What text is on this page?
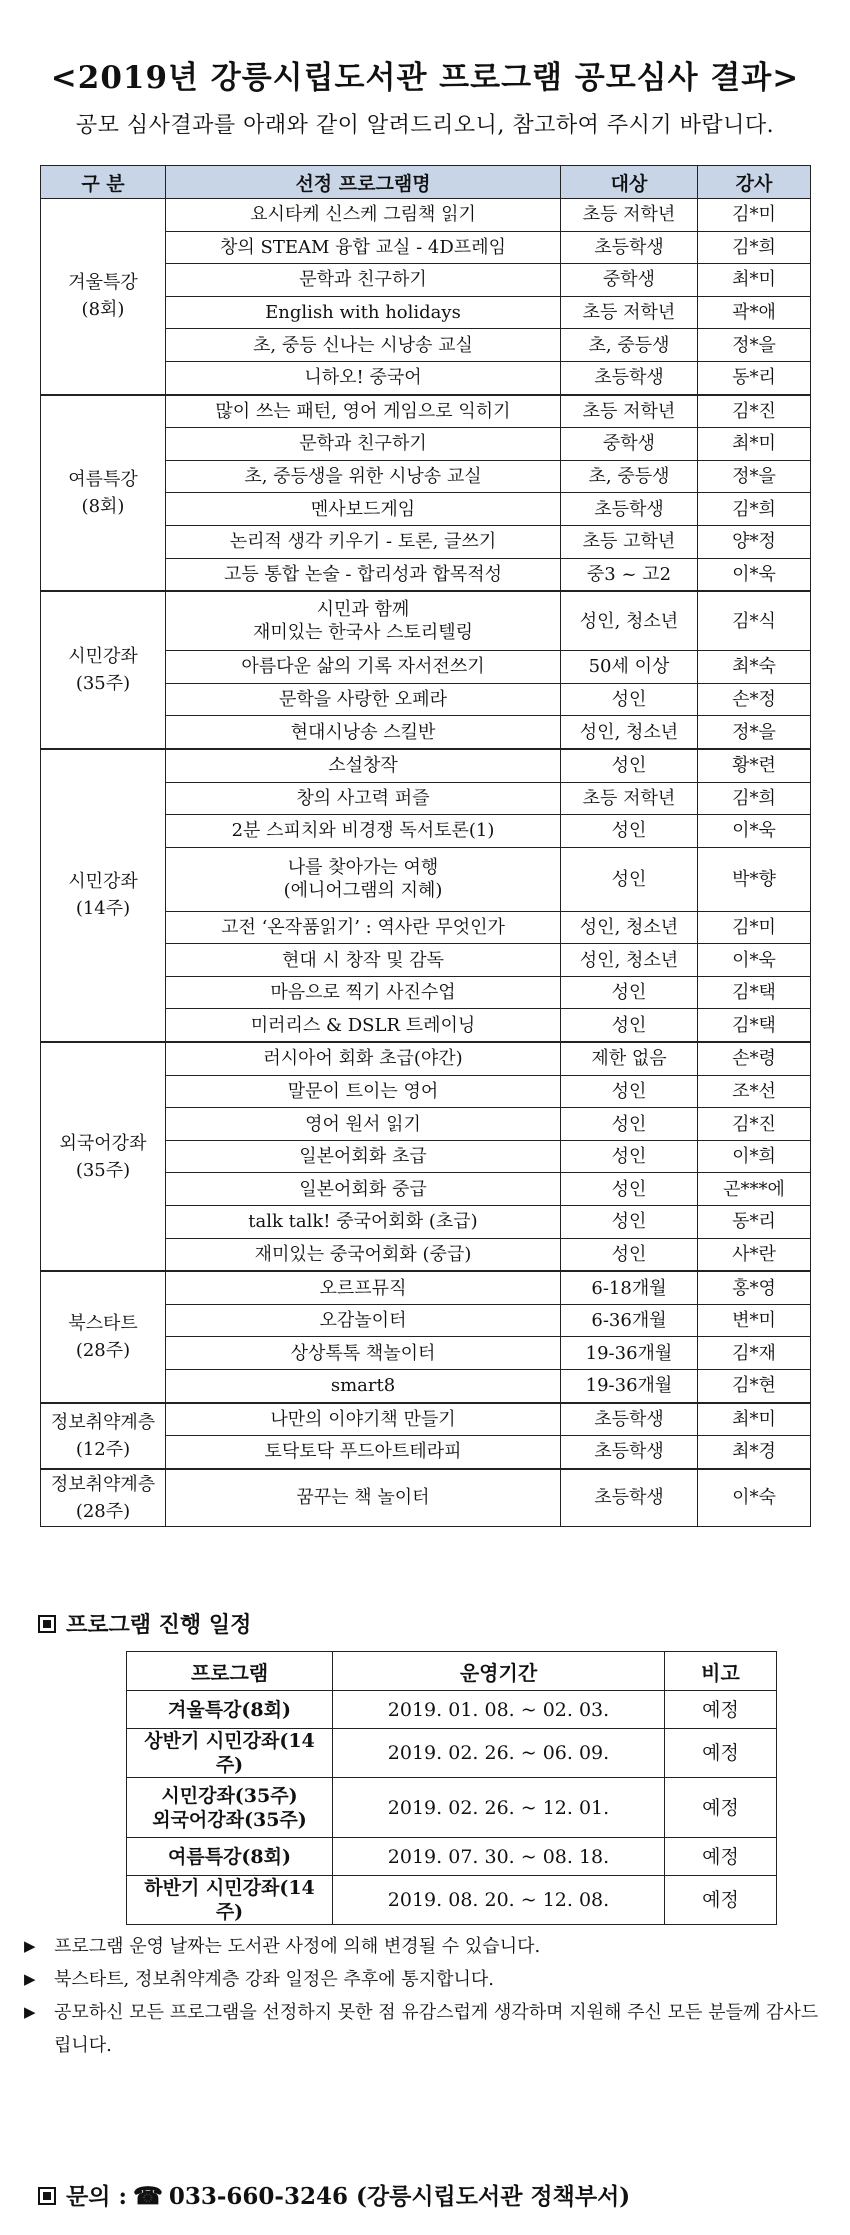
<2019년 강릉시립도서관 프로그램 공모심사 결과>
공모 심사결과를 아래와 같이 알려드리오니, 참고하여 주시기 바랍니다.
구 분	선정 프로그램명	대상	강사
겨울특강
(8회)	요시타케 신스케 그림책 읽기	초등 저학년	김*미
	창의 STEAM 융합 교실 - 4D프레임	초등학생	김*희
	문학과 친구하기	중학생	최*미
	English with holidays	초등 저학년	곽*애
	초, 중등 신나는 시낭송 교실	초, 중등생	정*을
	니하오! 중국어	초등학생	동*리
여름특강
(8회)	많이 쓰는 패턴, 영어 게임으로 익히기	초등 저학년	김*진
	문학과 친구하기	중학생	최*미
	초, 중등생을 위한 시낭송 교실	초, 중등생	정*을
	멘사보드게임	초등학생	김*희
	논리적 생각 키우기 - 토론, 글쓰기	초등 고학년	양*정
	고등 통합 논술 - 합리성과 합목적성	중3 ~ 고2	이*욱
시민강좌
(35주)	시민과 함께
재미있는 한국사 스토리텔링	성인, 청소년	김*식
	아름다운 삶의 기록 자서전쓰기	50세 이상	최*숙
	문학을 사랑한 오페라	성인	손*정
	현대시낭송 스킬반	성인, 청소년	정*을
시민강좌
(14주)	소설창작	성인	황*련
	창의 사고력 퍼즐	초등 저학년	김*희
	2분 스피치와 비경쟁 독서토론(1)	성인	이*욱
	나를 찾아가는 여행
(에니어그램의 지혜)	성인	박*향
	고전 ‘온작품읽기’ : 역사란 무엇인가	성인, 청소년	김*미
	현대 시 창작 및 감독	성인, 청소년	이*욱
	마음으로 찍기 사진수업	성인	김*택
	미러리스 & DSLR 트레이닝	성인	김*택
외국어강좌
(35주)	러시아어 회화 초급(야간)	제한 없음	손*령
	말문이 트이는 영어	성인	조*선
	영어 원서 읽기	성인	김*진
	일본어회화 초급	성인	이*희
	일본어회화 중급	성인	곤***에
	talk talk! 중국어회화 (초급)	성인	동*리
	재미있는 중국어회화 (중급)	성인	사*란
북스타트
(28주)	오르프뮤직	6-18개월	홍*영
	오감놀이터	6-36개월	변*미
	상상톡톡 책놀이터	19-36개월	김*재
	smart8	19-36개월	김*현
정보취약계층
(12주)	나만의 이야기책 만들기	초등학생	최*미
	토닥토닥 푸드아트테라피	초등학생	최*경
정보취약계층
(28주)	꿈꾸는 책 놀이터	초등학생	이*숙
프로그램 진행 일정
프로그램	운영기간	비고
겨울특강(8회)	2019. 01. 08. ~ 02. 03.	예정
상반기 시민강좌(14주)	2019. 02. 26. ~ 06. 09.	예정
시민강좌(35주)
외국어강좌(35주)	2019. 02. 26. ~ 12. 01.	예정
여름특강(8회)	2019. 07. 30. ~ 08. 18.	예정
하반기 시민강좌(14주)	2019. 08. 20. ~ 12. 08.	예정
▶	프로그램 운영 날짜는 도서관 사정에 의해 변경될 수 있습니다.
▶	북스타트, 정보취약계층 강좌 일정은 추후에 통지합니다.
▶	공모하신 모든 프로그램을 선정하지 못한 점 유감스럽게 생각하며 지원해 주신 모든 분들께 감사드립니다.
문의 : ☎ 033-660-3246 (강릉시립도서관 정책부서)
